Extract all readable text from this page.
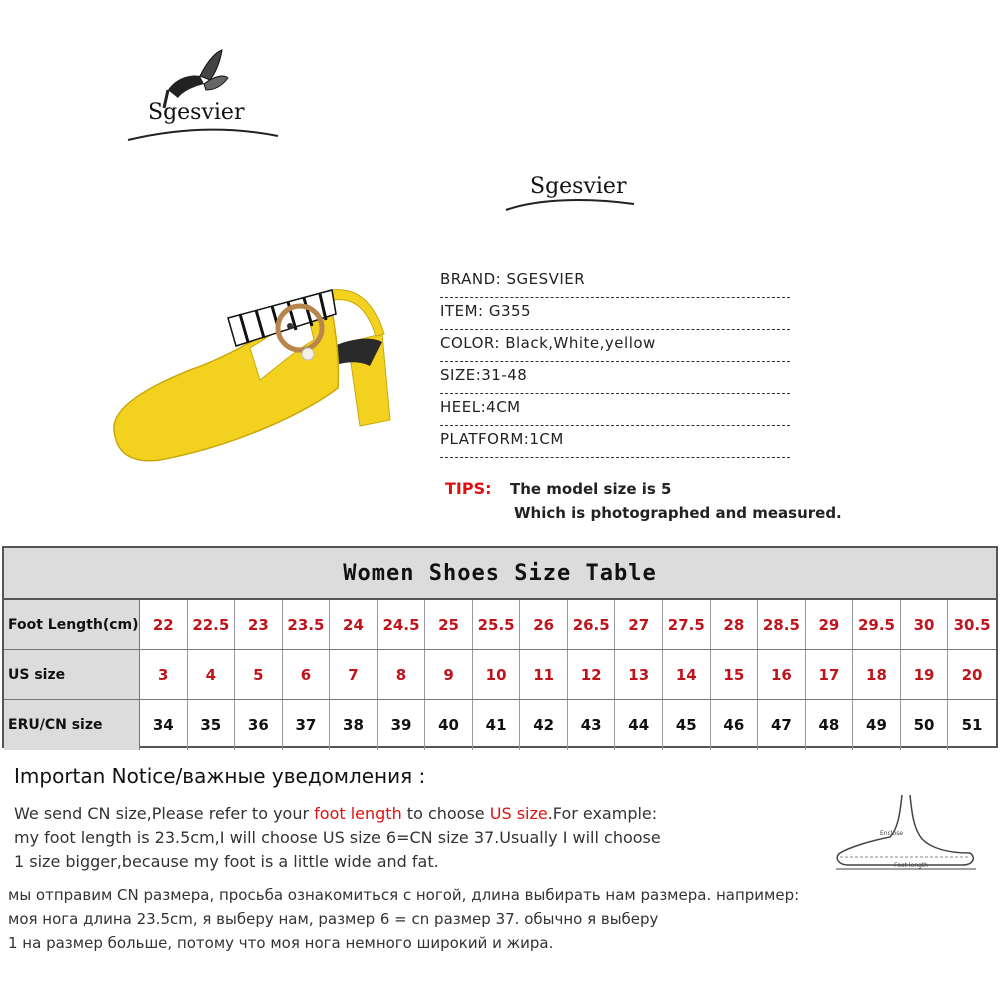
Sgesvier
Sgesvier
BRAND: SGESVIER
ITEM: G355
COLOR: Black,White,yellow
SIZE:31-48
HEEL:4CM
PLATFORM:1CM
TIPS: The model size is 5
Which is photographed and measured.
Women Shoes Size Table
Foot Length(cm) 22	22.5	23	23.5	24	24.5	25	25.5	26	26.5	27	27.5	28	28.5	29	29.5	30	30.5
US size	3	4	5	6	7	8	9	10	11	12	13	14	15	16	17	18	19	20
ERU/CN size	34	35	36	37	38	39	40	41	42	43	44	45	46	47	48	49	50	51
Importan Notice/важные уведомления :
We send CN size,Please refer to your foot length to choose US size.For example:
my foot length is 23.5cm,I will choose US size 6=CN size 37.Usually I will choose
1 size bigger,because my foot is a little wide and fat.
мы отправим CN размера, просьба ознакомиться с ногой, длина выбирать нам размера. например:
моя нога длина 23.5cm, я выберу нам, размер 6 = cn размер 37. обычно я выберу
1 на размер больше, потому что моя нога немного широкий и жира.
Enclose
Foot length
